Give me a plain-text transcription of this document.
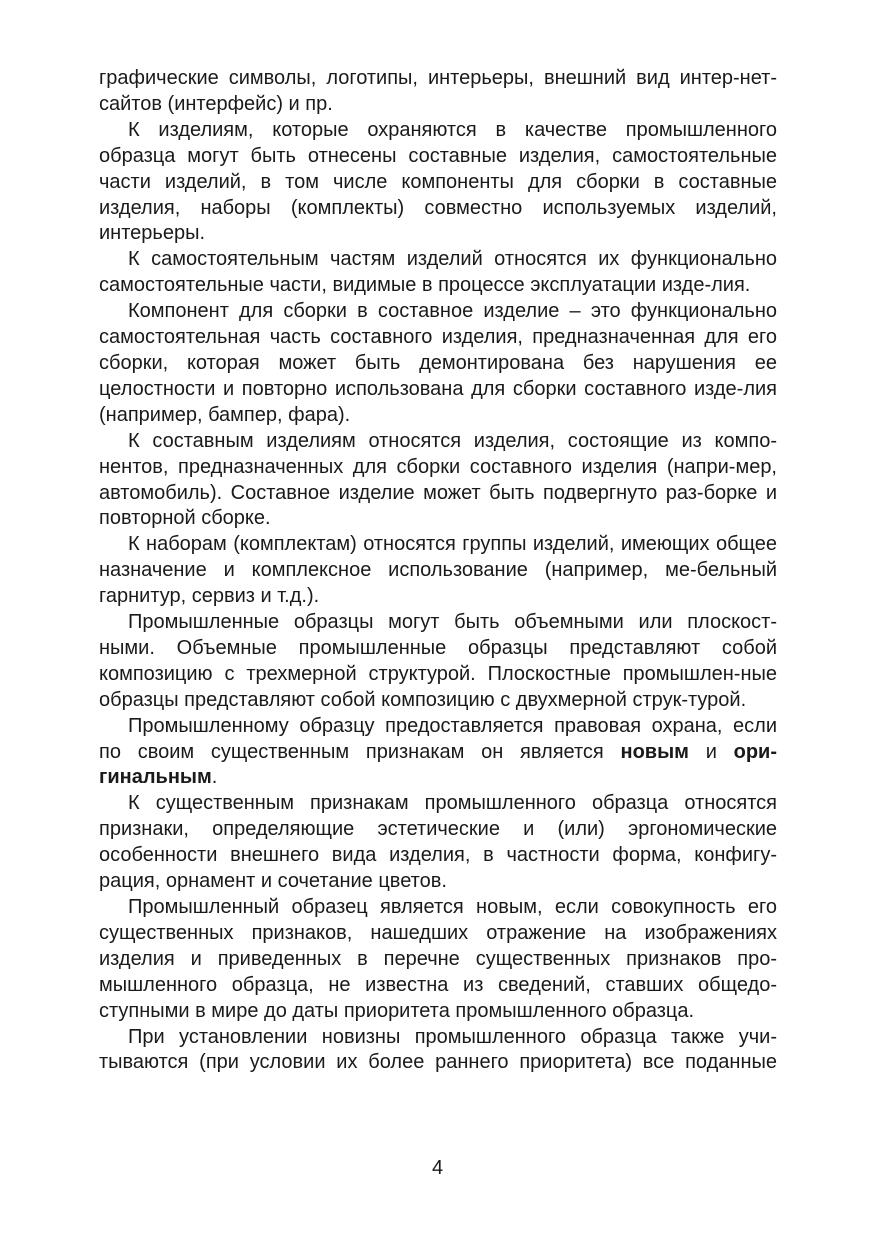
графические символы, логотипы, интерьеры, внешний вид интер-нет-сайтов (интерфейс) и пр.

К изделиям, которые охраняются в качестве промышленного образца могут быть отнесены составные изделия, самостоятельные части изделий, в том числе компоненты для сборки в составные изделия, наборы (комплекты) совместно используемых изделий, интерьеры.

К самостоятельным частям изделий относятся их функционально самостоятельные части, видимые в процессе эксплуатации изде-лия.

Компонент для сборки в составное изделие – это функционально самостоятельная часть составного изделия, предназначенная для его сборки, которая может быть демонтирована без нарушения ее целостности и повторно использована для сборки составного изде-лия (например, бампер, фара).

К составным изделиям относятся изделия, состоящие из компо-нентов, предназначенных для сборки составного изделия (напри-мер, автомобиль). Составное изделие может быть подвергнуто раз-борке и повторной сборке.

К наборам (комплектам) относятся группы изделий, имеющих общее назначение и комплексное использование (например, ме-бельный гарнитур, сервиз и т.д.).

Промышленные образцы могут быть объемными или плоскост-ными. Объемные промышленные образцы представляют собой композицию с трехмерной структурой. Плоскостные промышлен-ные образцы представляют собой композицию с двухмерной струк-турой.

Промышленному образцу предоставляется правовая охрана, если по своим существенным признакам он является новым и ори-гинальным.

К существенным признакам промышленного образца относятся признаки, определяющие эстетические и (или) эргономические особенности внешнего вида изделия, в частности форма, конфигу-рация, орнамент и сочетание цветов.

Промышленный образец является новым, если совокупность его существенных признаков, нашедших отражение на изображениях изделия и приведенных в перечне существенных признаков про-мышленного образца, не известна из сведений, ставших общедо-ступными в мире до даты приоритета промышленного образца.

При установлении новизны промышленного образца также учи-тываются (при условии их более раннего приоритета) все поданные

4
